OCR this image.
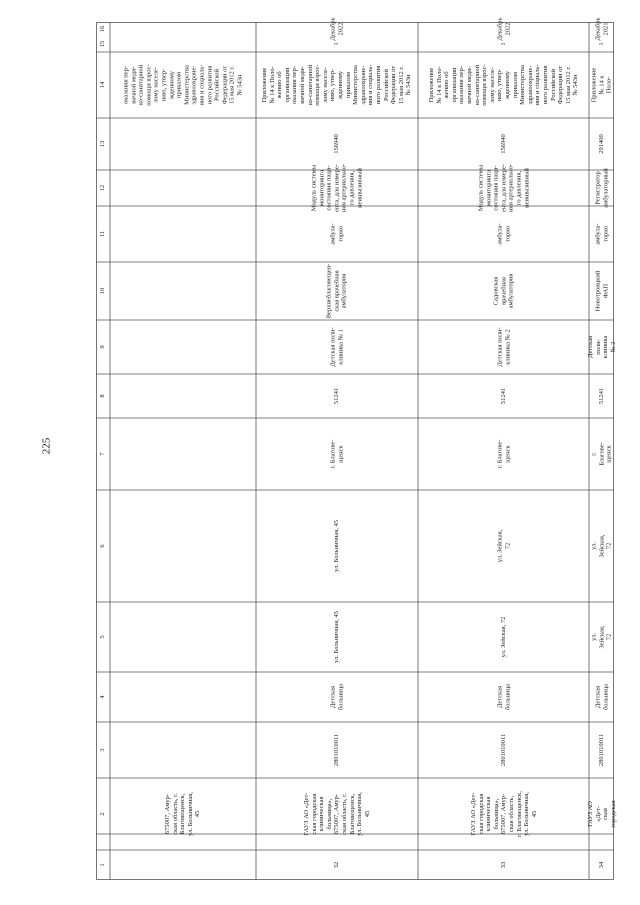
225
1
2
3
4
5
6
7
8
9
10
11
12
13
14
15
16
675007, Амур-
ская область, г.
Благовещенск,
ул. Больничная,
45
оказания пер-
вичной меди-
ко-санитарной
помощи взрос-
лому населе-
нию, утвер-
жденному
приказом
Министерства
здравоохране-
ния и социаль-
ного развития
Российской
Федерации от
15 мая 2012 г.
№ 543н
32
ГАУЗ АО «Дет-
ская городская
клиническая
больница»,
675007, Амур-
ская область, г.
Благовещенск,
ул. Больничная,
45
2801010011
Детская
больница
ул. Больничная, 45
ул. Больничная, 45
г. Благове-
щенск
51241
Детская поли-
клиника № 1
Верхнеблаговещен-
ская врачебная
амбулатория
амбула-
торно
Модуль системы
мониторинга
состояния паци-
ента, для измере-
ния артериально-
го давления,
неинвазивный
156940
Приложение
№ 14 к Поло-
жению об
организации
оказания пер-
вичной меди-
ко-санитарной
помощи взрос-
лому населе-
нию, утвер-
жденному
приказом
Министерства
здравоохране-
ния и социаль-
ного развития
Российской
Федерации от
15 мая 2012 г.
№ 543н
1
Декабрь
2022
33
ГАУЗ АО «Дет-
ская городская
клиническая
больница»,
675007, Амур-
ская область,
г. Благовещенск,
ул. Больничная,
45
2801010011
Детская
больница
ул. Зейская, 72
ул. Зейская,
72
г. Благове-
щенск
51241
Детская поли-
клиника № 2
Садовская
врачебная
амбулатория
амбула-
торно
Модуль системы
мониторинга
состояния паци-
ента, для измере-
ния артериально-
го давления,
неинвазивный
156940
Приложение
№ 14 к Поло-
жению об
организации
оказания пер-
вичной меди-
ко-санитарной
помощи взрос-
лому населе-
нию, утвер-
жденному
приказом
Министерства
здравоохране-
ния и социаль-
ного развития
Российской
Федерации от
15 мая 2012 г.
№ 543н
1
Декабрь
2022
34
ГАУЗ АО «Дет-
ская городская
2801010011
Детская
больница
ул. Зейская, 72
ул. Зейская,
72
г. Благове-
щенск
51241
Детская поли-
клиника № 2
Новотроицкий
ФАП
амбула-
торно
Регистратор
амбулаторный
291400
Приложение
№ 14 к Поло-
1
Декабрь
2021
